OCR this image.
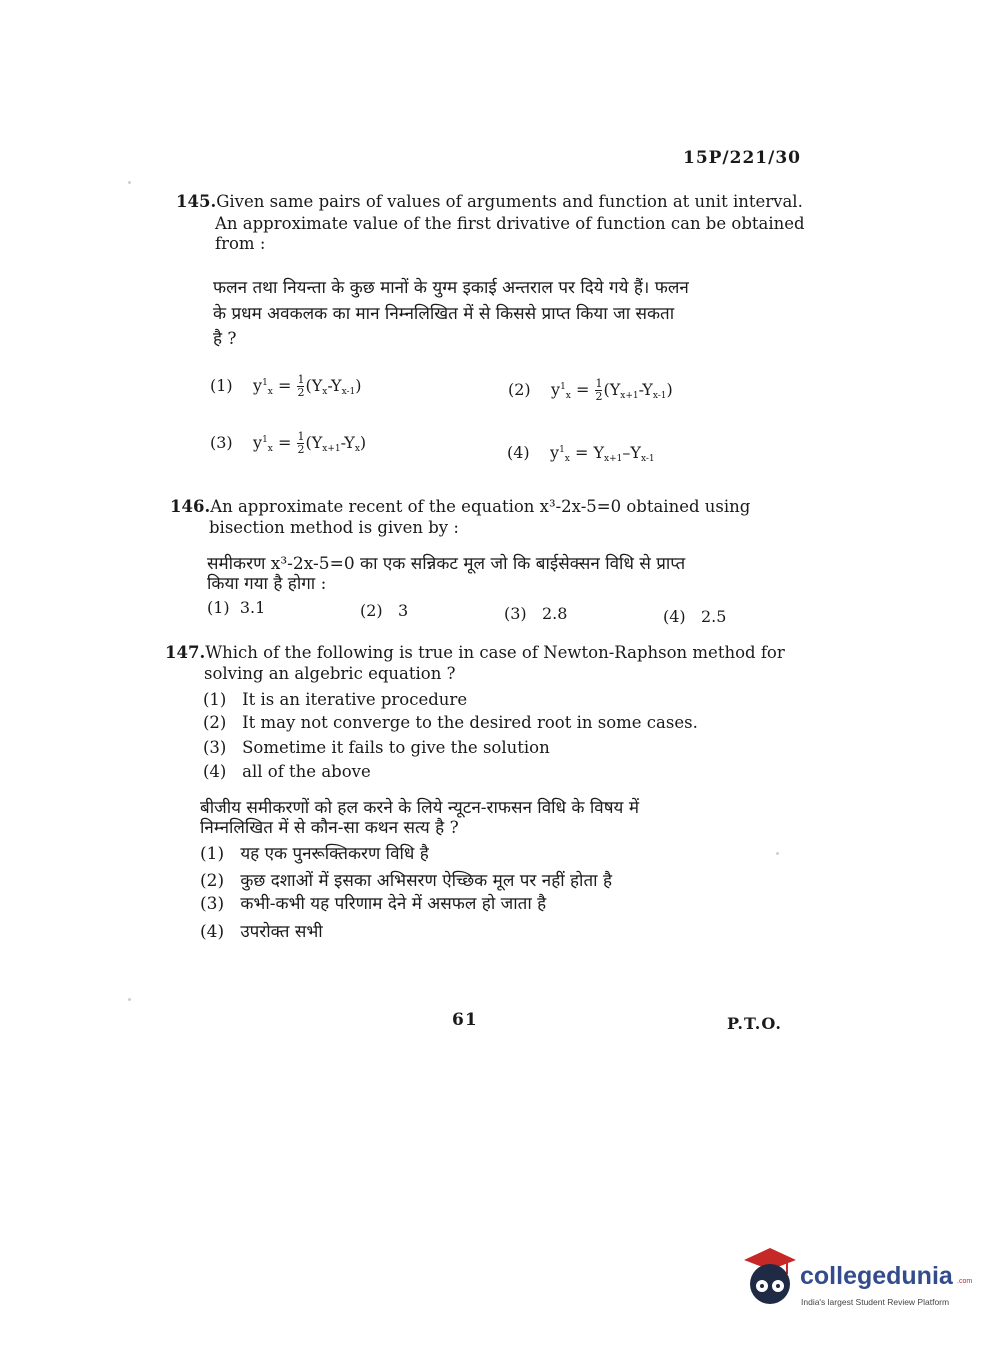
15P/221/30
145.Given same pairs of values of arguments and function at unit interval.
An approximate value of the first drivative of function can be obtained
from :
फलन तथा नियन्ता के कुछ मानों के युग्म इकाई अन्तराल पर दिये गये हैं। फलन
के प्रधम अवकलक का मान निम्नलिखित में से किससे प्राप्त किया जा सकता
है ?
(1) $y^1_x = \frac{1}{2} (Y_x-Y_{x-1})$	(2) $y^1_x = \frac{1}{2} (Y_{x+1}-Y_{x-1})$
(3) $y^1_x = \frac{1}{2} (Y_{x+1}-Y_x)$
(4) $y^1_x = Y_{x+1}-Y_{x-1}$
146.An approximate recent of the equation x³-2x-5=0 obtained using
bisection method is given by :
समीकरण x³-2x-5=0 का एक सन्निकट मूल जो कि बाईसेक्सन विधि से प्राप्त
किया गया है होगा :
(1) 3.1	(2) 3	(3) 2.8	(4) 2.5
147.Which of the following is true in case of Newton-Raphson method for
solving an algebric equation ?
(1) It is an iterative procedure
(2) It may not converge to the desired root in some cases.
(3) Sometime it fails to give the solution
(4) all of the above
बीजीय समीकरणों को हल करने के लिये न्यूटन-राफसन विधि के विषय में
निम्नलिखित में से कौन-सा कथन सत्य है ?
(1) यह एक पुनरूक्तिकरण विधि है
(2) कुछ दशाओं में इसका अभिसरण ऐच्छिक मूल पर नहीं होता है
(3) कभी-कभी यह परिणाम देने में असफल हो जाता है
(4) उपरोक्त सभी
61	P.T.O.
collegedunia .com
India's largest Student Review Platform
